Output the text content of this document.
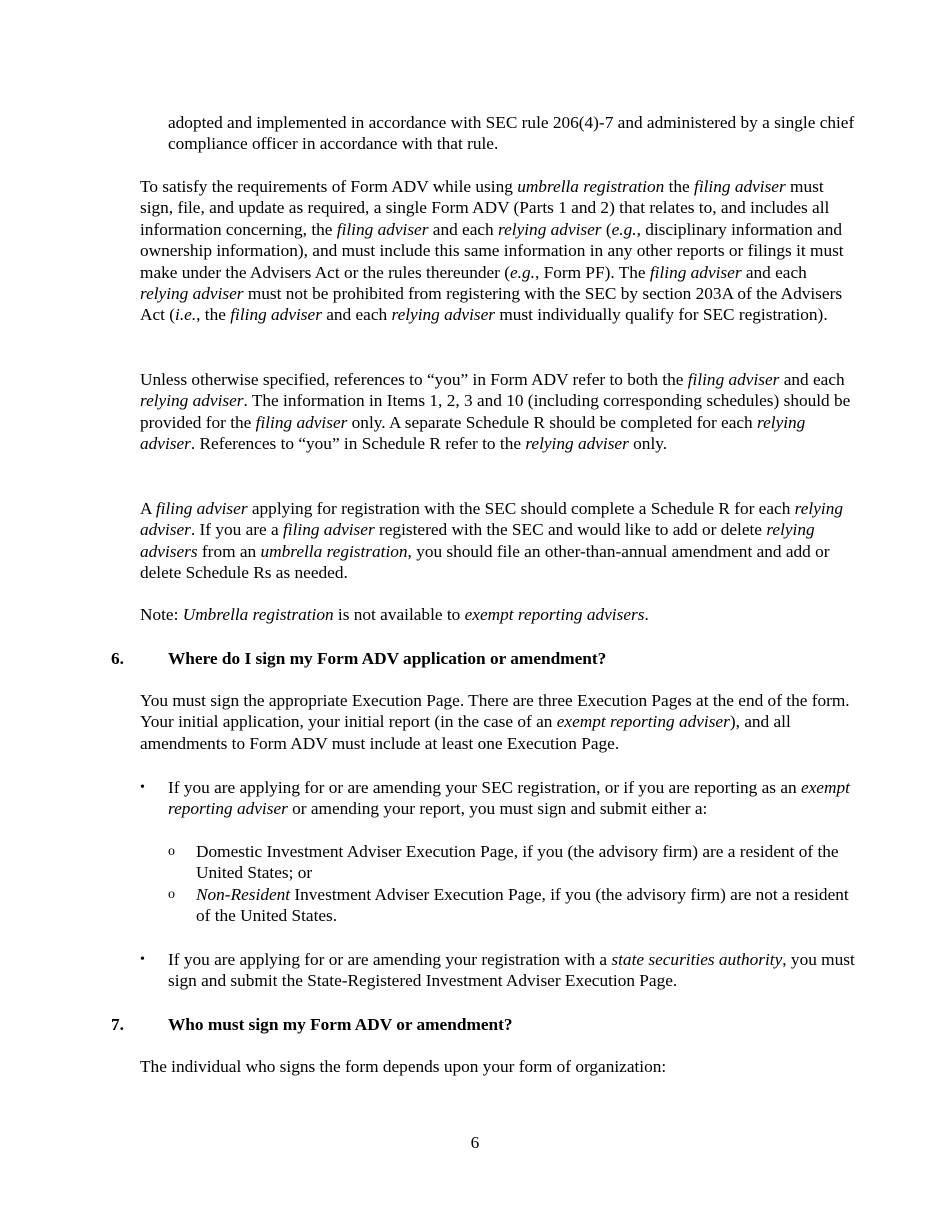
adopted and implemented in accordance with SEC rule 206(4)-7 and administered by a single chief compliance officer in accordance with that rule.

To satisfy the requirements of Form ADV while using umbrella registration the filing adviser must sign, file, and update as required, a single Form ADV (Parts 1 and 2) that relates to, and includes all information concerning, the filing adviser and each relying adviser (e.g., disciplinary information and ownership information), and must include this same information in any other reports or filings it must make under the Advisers Act or the rules thereunder (e.g., Form PF). The filing adviser and each relying adviser must not be prohibited from registering with the SEC by section 203A of the Advisers Act (i.e., the filing adviser and each relying adviser must individually qualify for SEC registration).

Unless otherwise specified, references to “you” in Form ADV refer to both the filing adviser and each relying adviser. The information in Items 1, 2, 3 and 10 (including corresponding schedules) should be provided for the filing adviser only. A separate Schedule R should be completed for each relying adviser. References to “you” in Schedule R refer to the relying adviser only.

A filing adviser applying for registration with the SEC should complete a Schedule R for each relying adviser. If you are a filing adviser registered with the SEC and would like to add or delete relying advisers from an umbrella registration, you should file an other-than-annual amendment and add or delete Schedule Rs as needed.

Note: Umbrella registration is not available to exempt reporting advisers.

6.	Where do I sign my Form ADV application or amendment?

You must sign the appropriate Execution Page. There are three Execution Pages at the end of the form. Your initial application, your initial report (in the case of an exempt reporting adviser), and all amendments to Form ADV must include at least one Execution Page.

•	If you are applying for or are amending your SEC registration, or if you are reporting as an exempt reporting adviser or amending your report, you must sign and submit either a:
o	Domestic Investment Adviser Execution Page, if you (the advisory firm) are a resident of the United States; or
o	Non-Resident Investment Adviser Execution Page, if you (the advisory firm) are not a resident of the United States.
•	If you are applying for or are amending your registration with a state securities authority, you must sign and submit the State-Registered Investment Adviser Execution Page.
7.	Who must sign my Form ADV or amendment?

The individual who signs the form depends upon your form of organization:

6
